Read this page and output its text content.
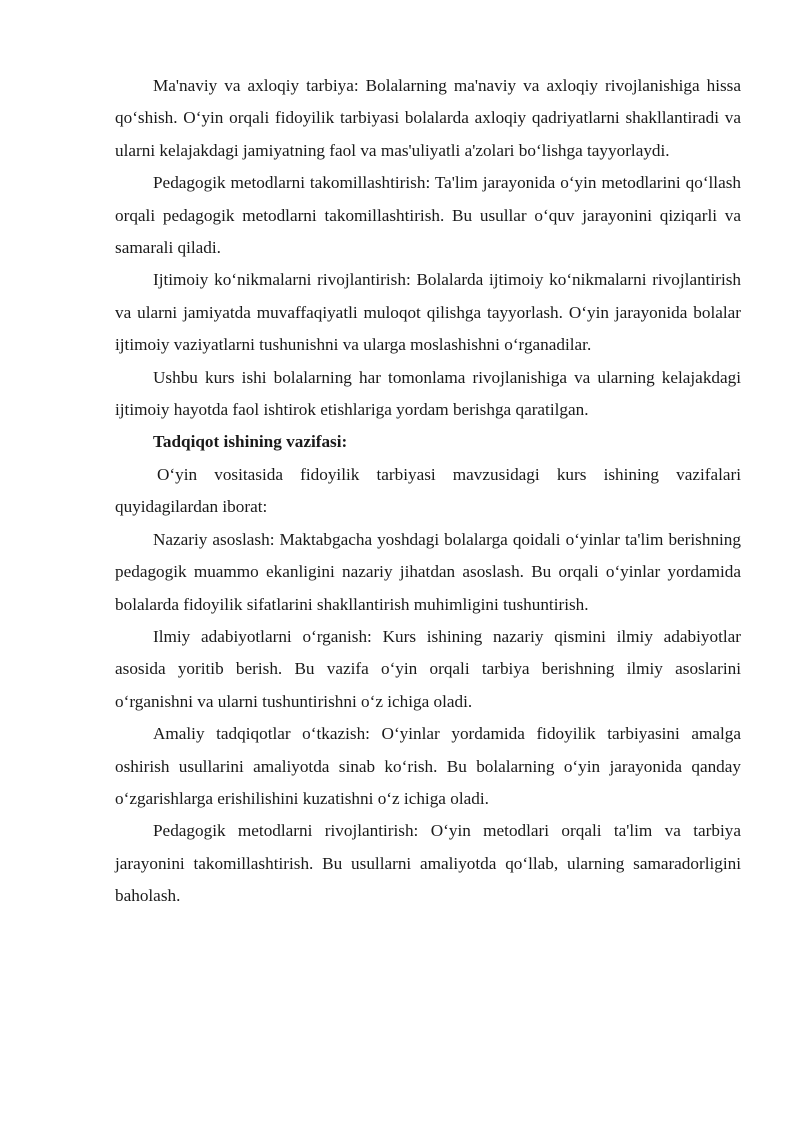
Ma'naviy va axloqiy tarbiya: Bolalarning ma'naviy va axloqiy rivojlanishiga hissa qo‘shish. O‘yin orqali fidoyilik tarbiyasi bolalarda axloqiy qadriyatlarni shakllantiradi va ularni kelajakdagi jamiyatning faol va mas'uliyatli a'zolari bo‘lishga tayyorlaydi.

Pedagogik metodlarni takomillashtirish: Ta'lim jarayonida o‘yin metodlarini qo‘llash orqali pedagogik metodlarni takomillashtirish. Bu usullar o‘quv jarayonini qiziqarli va samarali qiladi.

Ijtimoiy ko‘nikmalarni rivojlantirish: Bolalarda ijtimoiy ko‘nikmalarni rivojlantirish va ularni jamiyatda muvaffaqiyatli muloqot qilishga tayyorlash. O‘yin jarayonida bolalar ijtimoiy vaziyatlarni tushunishni va ularga moslashishni o‘rganadilar.

Ushbu kurs ishi bolalarning har tomonlama rivojlanishiga va ularning kelajakdagi ijtimoiy hayotda faol ishtirok etishlariga yordam berishga qaratilgan.

Tadqiqot ishining vazifasi:

O‘yin vositasida fidoyilik tarbiyasi mavzusidagi kurs ishining vazifalari quyidagilardan iborat:

Nazariy asoslash: Maktabgacha yoshdagi bolalarga qoidali o‘yinlar ta'lim berishning pedagogik muammo ekanligini nazariy jihatdan asoslash. Bu orqali o‘yinlar yordamida bolalarda fidoyilik sifatlarini shakllantirish muhimligini tushuntirish.

Ilmiy adabiyotlarni o‘rganish: Kurs ishining nazariy qismini ilmiy adabiyotlar asosida yoritib berish. Bu vazifa o‘yin orqali tarbiya berishning ilmiy asoslarini o‘rganishni va ularni tushuntirishni o‘z ichiga oladi.

Amaliy tadqiqotlar o‘tkazish: O‘yinlar yordamida fidoyilik tarbiyasini amalga oshirish usullarini amaliyotda sinab ko‘rish. Bu bolalarning o‘yin jarayonida qanday o‘zgarishlarga erishilishini kuzatishni o‘z ichiga oladi.

Pedagogik metodlarni rivojlantirish: O‘yin metodlari orqali ta'lim va tarbiya jarayonini takomillashtirish. Bu usullarni amaliyotda qo‘llab, ularning samaradorligini baholash.
